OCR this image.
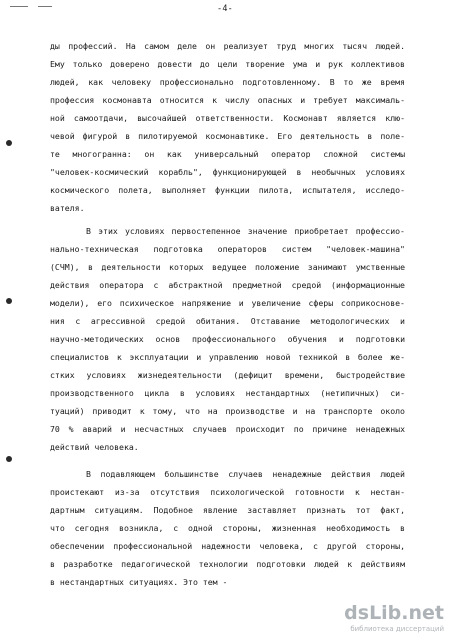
-4-
ды профессий. На самом деле он реализует труд многих тысяч людей.
Ему только доверено довести до цели творение ума и рук коллективов
людей, как человеку профессионально подготовленному. В то же время
профессия космонавта относится к числу опасных и требует максималь-
ной самоотдачи, высочайшей ответственности. Космонавт является клю-
чевой фигурой в пилотируемой космонавтике. Его деятельность в поле-
те многогранна: он как универсальный оператор сложной системы
"человек-космический корабль", функционирующей в необычных условиях
космического полета, выполняет функции пилота, испытателя, исследо-
вателя.
В этих условиях первостепенное значение приобретает профессио-
нально-техническая подготовка операторов систем "человек-машина"
(СЧМ), в деятельности которых ведущее положение занимают умственные
действия оператора с абстрактной предметной средой (информационные
модели), его психическое напряжение и увеличение сферы соприкоснове-
ния с агрессивной средой обитания. Отставание методологических и
научно-методических основ профессионального обучения и подготовки
специалистов к эксплуатации и управлению новой техникой в более же-
стких условиях жизнедеятельности (дефицит времени, быстродействие
производственного цикла в условиях нестандартных (нетипичных) си-
туаций) приводит к тому, что на производстве и на транспорте около
70 % аварий и несчастных случаев происходит по причине ненадежных
действий человека.
В подавляющем большинстве случаев ненадежные действия людей
проистекают из-за отсутствия психологической готовности к нестан-
дартным ситуациям. Подобное явление заставляет признать тот факт,
что сегодня возникла, с одной стороны, жизненная необходимость в
обеспечении профессиональной надежности человека, с другой стороны,
в разработке педагогической технологии подготовки людей к действиям
в нестандартных ситуациях. Это тем -
dsLib.net
библиотека диссертаций
